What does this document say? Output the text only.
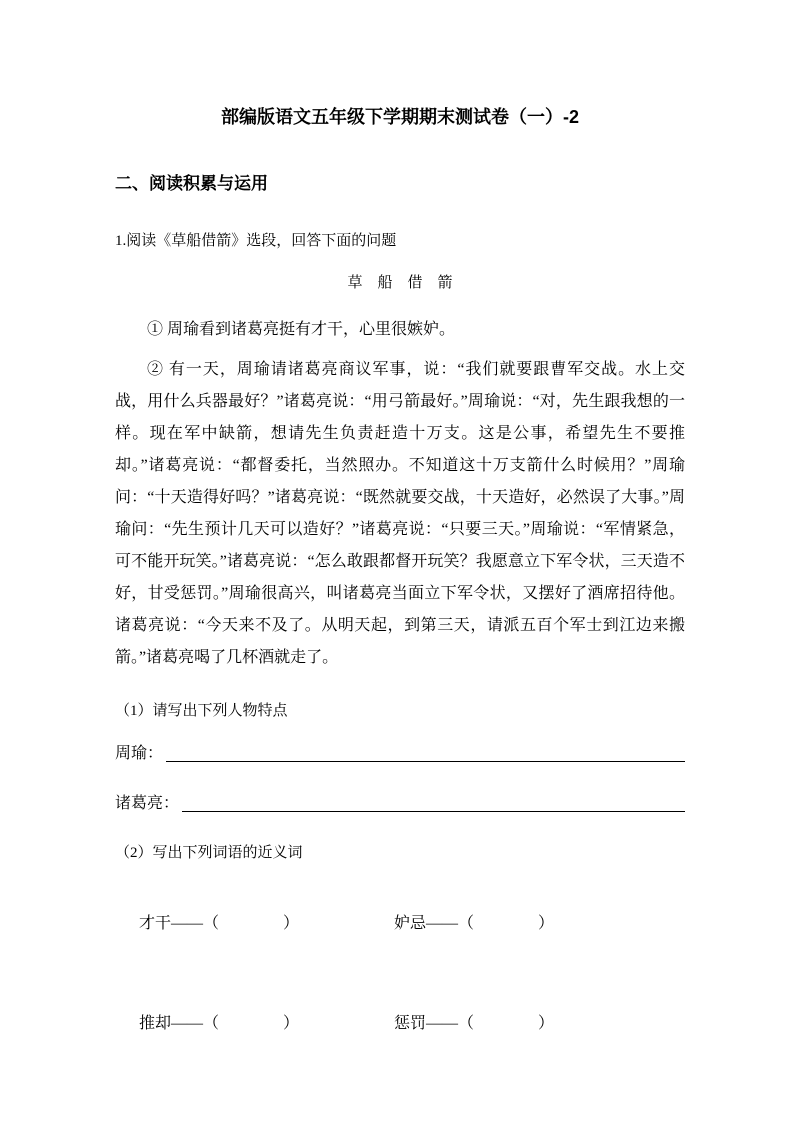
部编版语文五年级下学期期末测试卷（一）-2
二、阅读积累与运用

1.阅读《草船借箭》选段，回答下面的问题

草　船　借　箭

① 周瑜看到诸葛亮挺有才干，心里很嫉妒。

② 有一天，周瑜请诸葛亮商议军事，说：“我们就要跟曹军交战。水上交战，用什么兵器最好？”诸葛亮说：“用弓箭最好。”周瑜说：“对，先生跟我想的一样。现在军中缺箭，想请先生负责赶造十万支。这是公事，希望先生不要推却。”诸葛亮说：“都督委托，当然照办。不知道这十万支箭什么时候用？”周瑜问：“十天造得好吗？”诸葛亮说：“既然就要交战，十天造好，必然误了大事。”周瑜问：“先生预计几天可以造好？”诸葛亮说：“只要三天。”周瑜说：“军情紧急，可不能开玩笑。”诸葛亮说：“怎么敢跟都督开玩笑？我愿意立下军令状，三天造不好，甘受惩罚。”周瑜很高兴，叫诸葛亮当面立下军令状，又摆好了酒席招待他。诸葛亮说：“今天来不及了。从明天起，到第三天，请派五百个军士到江边来搬箭。”诸葛亮喝了几杯酒就走了。

（1）请写出下列人物特点

周瑜：
诸葛亮：

（2）写出下列词语的近义词

才干——（　　　　）
	妒忌——（　　　　）

推却——（　　　　）
	惩罚——（　　　　）
